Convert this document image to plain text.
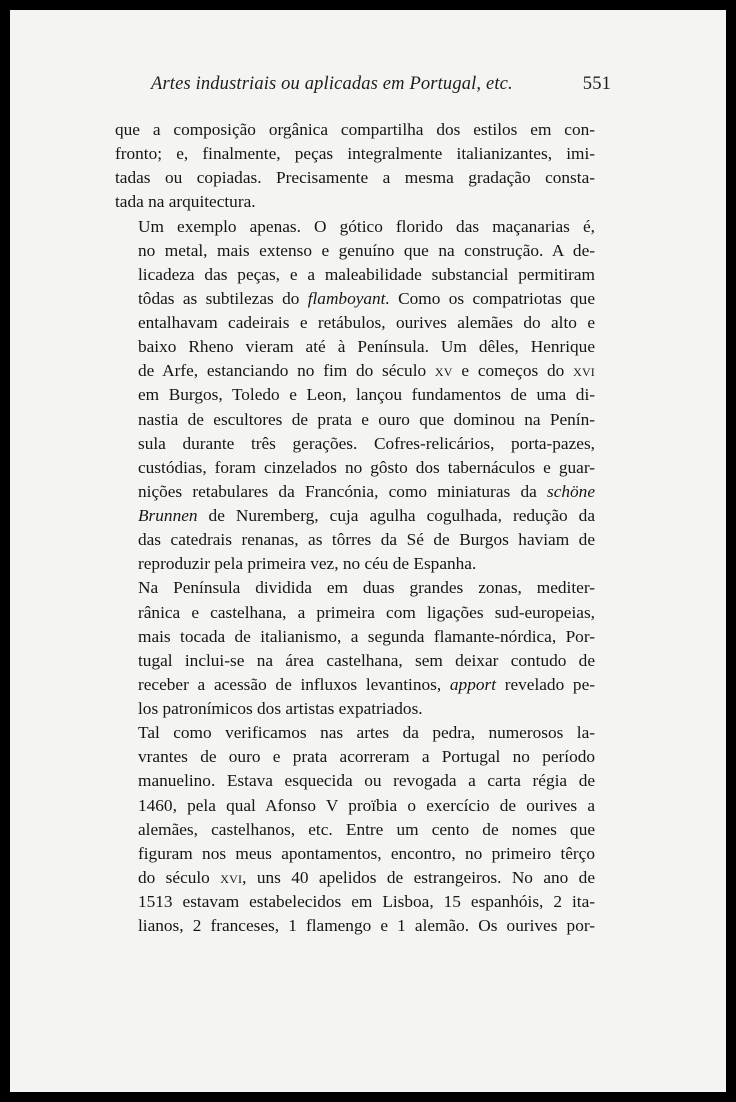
Artes industriais ou aplicadas em Portugal, etc.	551

que a composição orgânica compartilha dos estilos em con-
fronto; e, finalmente, peças integralmente italianizantes, imi-
tadas ou copiadas. Precisamente a mesma gradação consta-
tada na arquitectura.

Um exemplo apenas. O gótico florido das maçanarias é,
no metal, mais extenso e genuíno que na construção. A de-
licadeza das peças, e a maleabilidade substancial permitiram
tôdas as subtilezas do flamboyant. Como os compatriotas que
entalhavam cadeirais e retábulos, ourives alemães do alto e
baixo Rheno vieram até à Península. Um dêles, Henrique
de Arfe, estanciando no fim do século xv e começos do xvi
em Burgos, Toledo e Leon, lançou fundamentos de uma di-
nastia de escultores de prata e ouro que dominou na Penín-
sula durante três gerações. Cofres-relicários, porta-pazes,
custódias, foram cinzelados no gôsto dos tabernáculos e guar-
nições retabulares da Francónia, como miniaturas da schöne
Brunnen de Nuremberg, cuja agulha cogulhada, redução da
das catedrais renanas, as tôrres da Sé de Burgos haviam de
reproduzir pela primeira vez, no céu de Espanha.

Na Península dividida em duas grandes zonas, mediter-
rânica e castelhana, a primeira com ligações sud-europeias,
mais tocada de italianismo, a segunda flamante-nórdica, Por-
tugal inclui-se na área castelhana, sem deixar contudo de
receber a acessão de influxos levantinos, apport revelado pe-
los patronímicos dos artistas expatriados.

Tal como verificamos nas artes da pedra, numerosos la-
vrantes de ouro e prata acorreram a Portugal no período
manuelino. Estava esquecida ou revogada a carta régia de
1460, pela qual Afonso V proïbia o exercício de ourives a
alemães, castelhanos, etc. Entre um cento de nomes que
figuram nos meus apontamentos, encontro, no primeiro têrço
do século xvi, uns 40 apelidos de estrangeiros. No ano de
1513 estavam estabelecidos em Lisboa, 15 espanhóis, 2 ita-
lianos, 2 franceses, 1 flamengo e 1 alemão. Os ourives por-
